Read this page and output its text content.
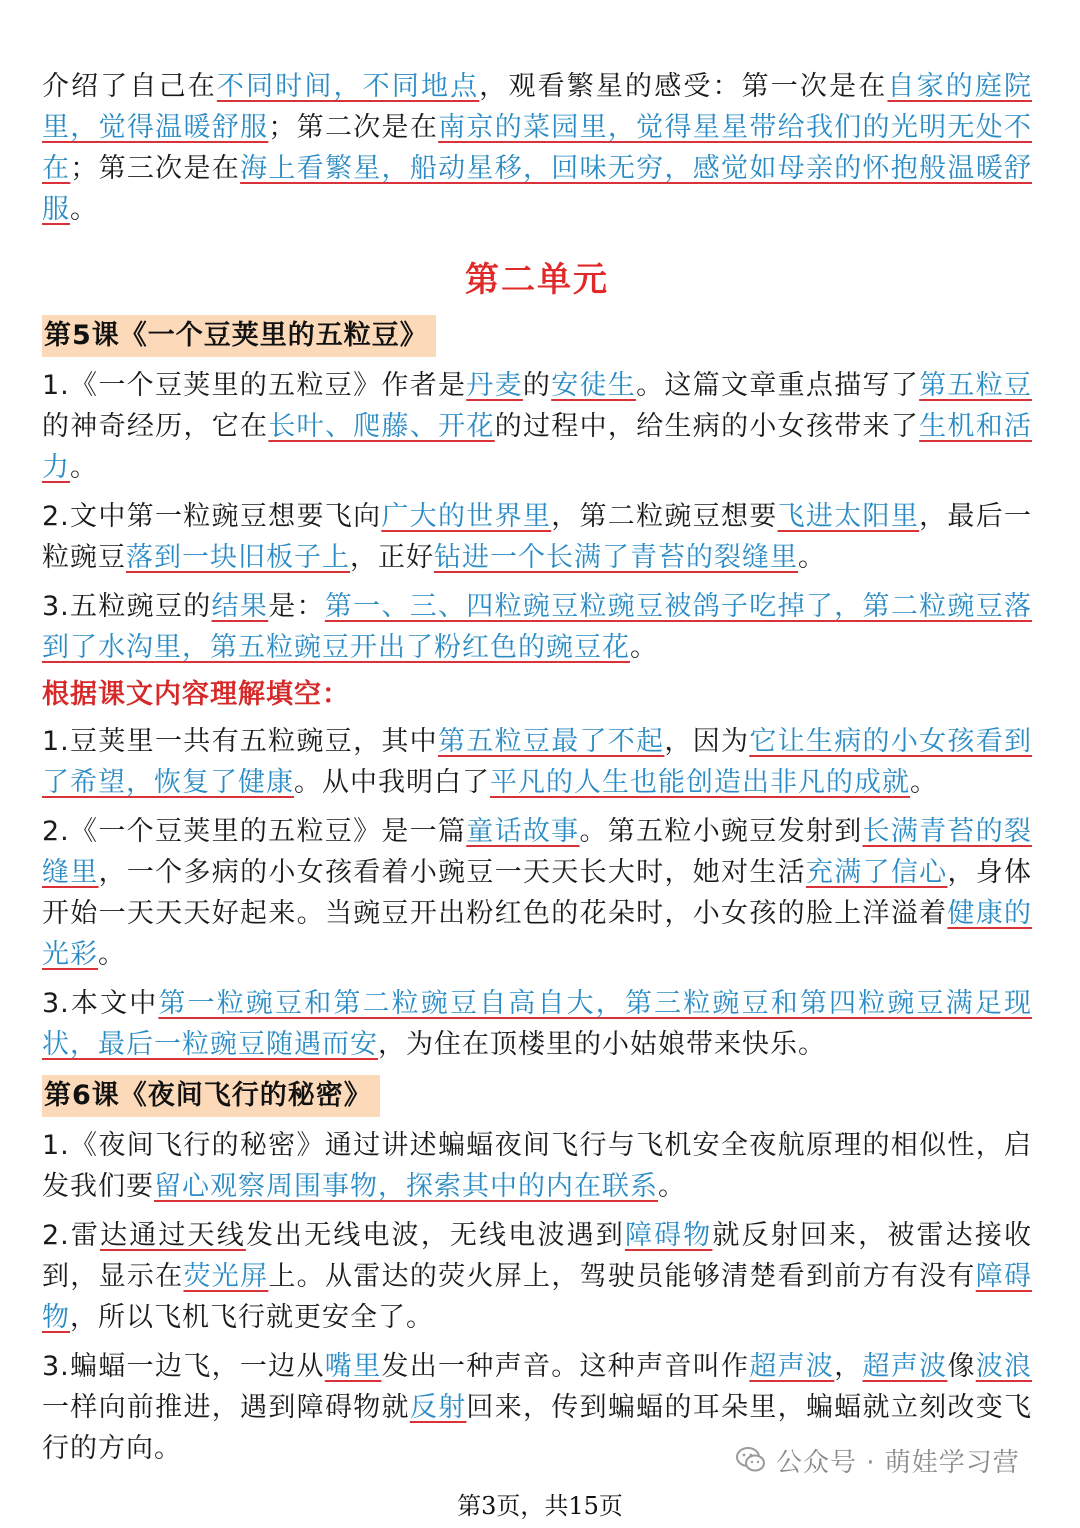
介绍了自己在不同时间，不同地点，观看繁星的感受：第一次是在自家的庭院里，觉得温暖舒服；第二次是在南京的菜园里，觉得星星带给我们的光明无处不在；第三次是在海上看繁星，船动星移，回味无穷，感觉如母亲的怀抱般温暖舒服。

第二单元
第5课《一个豆荚里的五粒豆》

1.《一个豆荚里的五粒豆》作者是丹麦的安徒生。这篇文章重点描写了第五粒豆的神奇经历，它在长叶、爬藤、开花的过程中，给生病的小女孩带来了生机和活力。

2.文中第一粒豌豆想要飞向广大的世界里，第二粒豌豆想要飞进太阳里，最后一粒豌豆落到一块旧板子上，正好钻进一个长满了青苔的裂缝里。

3.五粒豌豆的结果是：第一、三、四粒豌豆粒豌豆被鸽子吃掉了，第二粒豌豆落到了水沟里，第五粒豌豆开出了粉红色的豌豆花。

根据课文内容理解填空：

1.豆荚里一共有五粒豌豆，其中第五粒豆最了不起，因为它让生病的小女孩看到了希望，恢复了健康。从中我明白了平凡的人生也能创造出非凡的成就。

2.《一个豆荚里的五粒豆》是一篇童话故事。第五粒小豌豆发射到长满青苔的裂缝里，一个多病的小女孩看着小豌豆一天天长大时，她对生活充满了信心，身体开始一天天天好起来。当豌豆开出粉红色的花朵时，小女孩的脸上洋溢着健康的光彩。

3.本文中第一粒豌豆和第二粒豌豆自高自大，第三粒豌豆和第四粒豌豆满足现状，最后一粒豌豆随遇而安，为住在顶楼里的小姑娘带来快乐。

第6课《夜间飞行的秘密》

1.《夜间飞行的秘密》通过讲述蝙蝠夜间飞行与飞机安全夜航原理的相似性，启发我们要留心观察周围事物，探索其中的内在联系。

2.雷达通过天线发出无线电波，无线电波遇到障碍物就反射回来，被雷达接收到，显示在荧光屏上。从雷达的荧火屏上，驾驶员能够清楚看到前方有没有障碍物，所以飞机飞行就更安全了。

3.蝙蝠一边飞，一边从嘴里发出一种声音。这种声音叫作超声波，超声波像波浪一样向前推进，遇到障碍物就反射回来，传到蝙蝠的耳朵里，蝙蝠就立刻改变飞行的方向。	公众号 · 萌娃学习营
第3页，共15页
